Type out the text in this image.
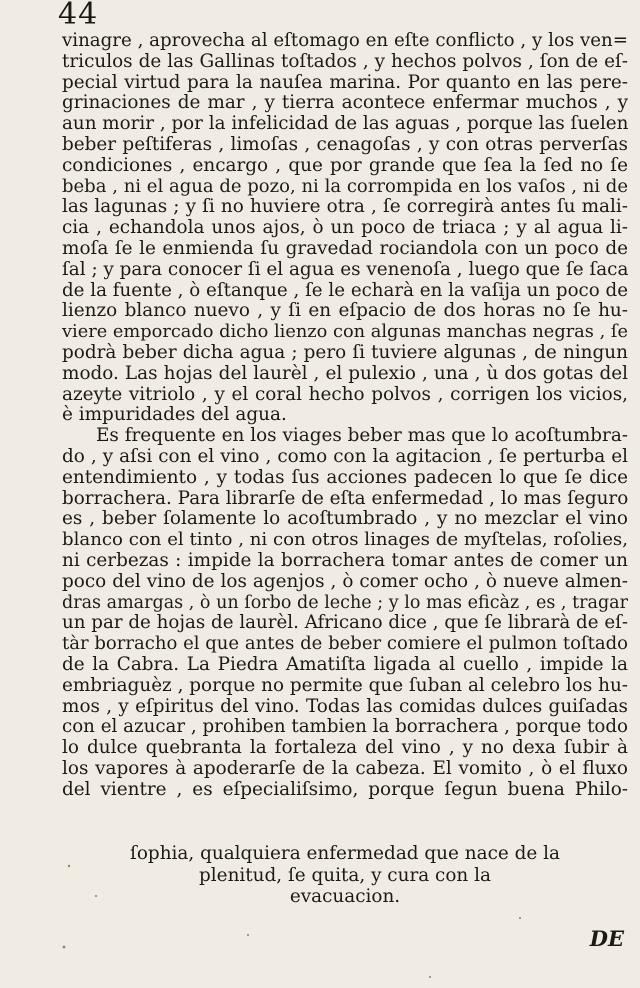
44
vinagre , aprovecha al eſtomago en eſte conflicto , y los ven=
triculos de las Gallinas toſtados , y hechos polvos , ſon de eſ-
pecial virtud para la nauſea marina. Por quanto en las pere-
grinaciones de mar , y tierra acontece enfermar muchos , y
aun morir , por la infelicidad de las aguas , porque las ſuelen
beber peſtiferas , limoſas , cenagoſas , y con otras perverſas
condiciones , encargo , que por grande que ſea la ſed no ſe
beba , ni el agua de pozo, ni la corrompida en los vaſos , ni de
las lagunas ; y ſi no huviere otra , ſe corregirà antes ſu mali-
cia , echandola unos ajos, ò un poco de triaca ; y al agua li-
moſa ſe le enmienda ſu gravedad rociandola con un poco de
ſal ; y para conocer ſi el agua es venenoſa , luego que ſe ſaca
de la fuente , ò eſtanque , ſe le echarà en la vaſija un poco de
lienzo blanco nuevo , y ſi en eſpacio de dos horas no ſe hu-
viere emporcado dicho lienzo con algunas manchas negras , ſe
podrà beber dicha agua ; pero ſi tuviere algunas , de ningun
modo. Las hojas del laurèl , el pulexio , una , ù dos gotas del
azeyte vitriolo , y el coral hecho polvos , corrigen los vicios,
è impuridades del agua.
Es frequente en los viages beber mas que lo acoſtumbra-
do , y aſsi con el vino , como con la agitacion , ſe perturba el
entendimiento , y todas ſus acciones padecen lo que ſe dice
borrachera. Para librarſe de eſta enfermedad , lo mas ſeguro
es , beber ſolamente lo acoſtumbrado , y no mezclar el vino
blanco con el tinto , ni con otros linages de myſtelas, roſolies,
ni cerbezas : impide la borrachera tomar antes de comer un
poco del vino de los agenjos , ò comer ocho , ò nueve almen-
dras amargas , ò un ſorbo de leche ; y lo mas eficàz , es , tragar
un par de hojas de laurèl. Africano dice , que ſe librarà de eſ-
tàr borracho el que antes de beber comiere el pulmon toſtado
de la Cabra. La Piedra Amatiſta ligada al cuello , impide la
embriaguèz , porque no permite que ſuban al celebro los hu-
mos , y eſpiritus del vino. Todas las comidas dulces guiſadas
con el azucar , prohiben tambien la borrachera , porque todo
lo dulce quebranta la fortaleza del vino , y no dexa ſubir à
los vapores à apoderarſe de la cabeza. El vomito , ò el fluxo
del vientre , es eſpecialiſsimo, porque ſegun buena Philo-
ſophia, qualquiera enfermedad que nace de la
plenitud, ſe quita, y cura con la
evacuacion.
DE
